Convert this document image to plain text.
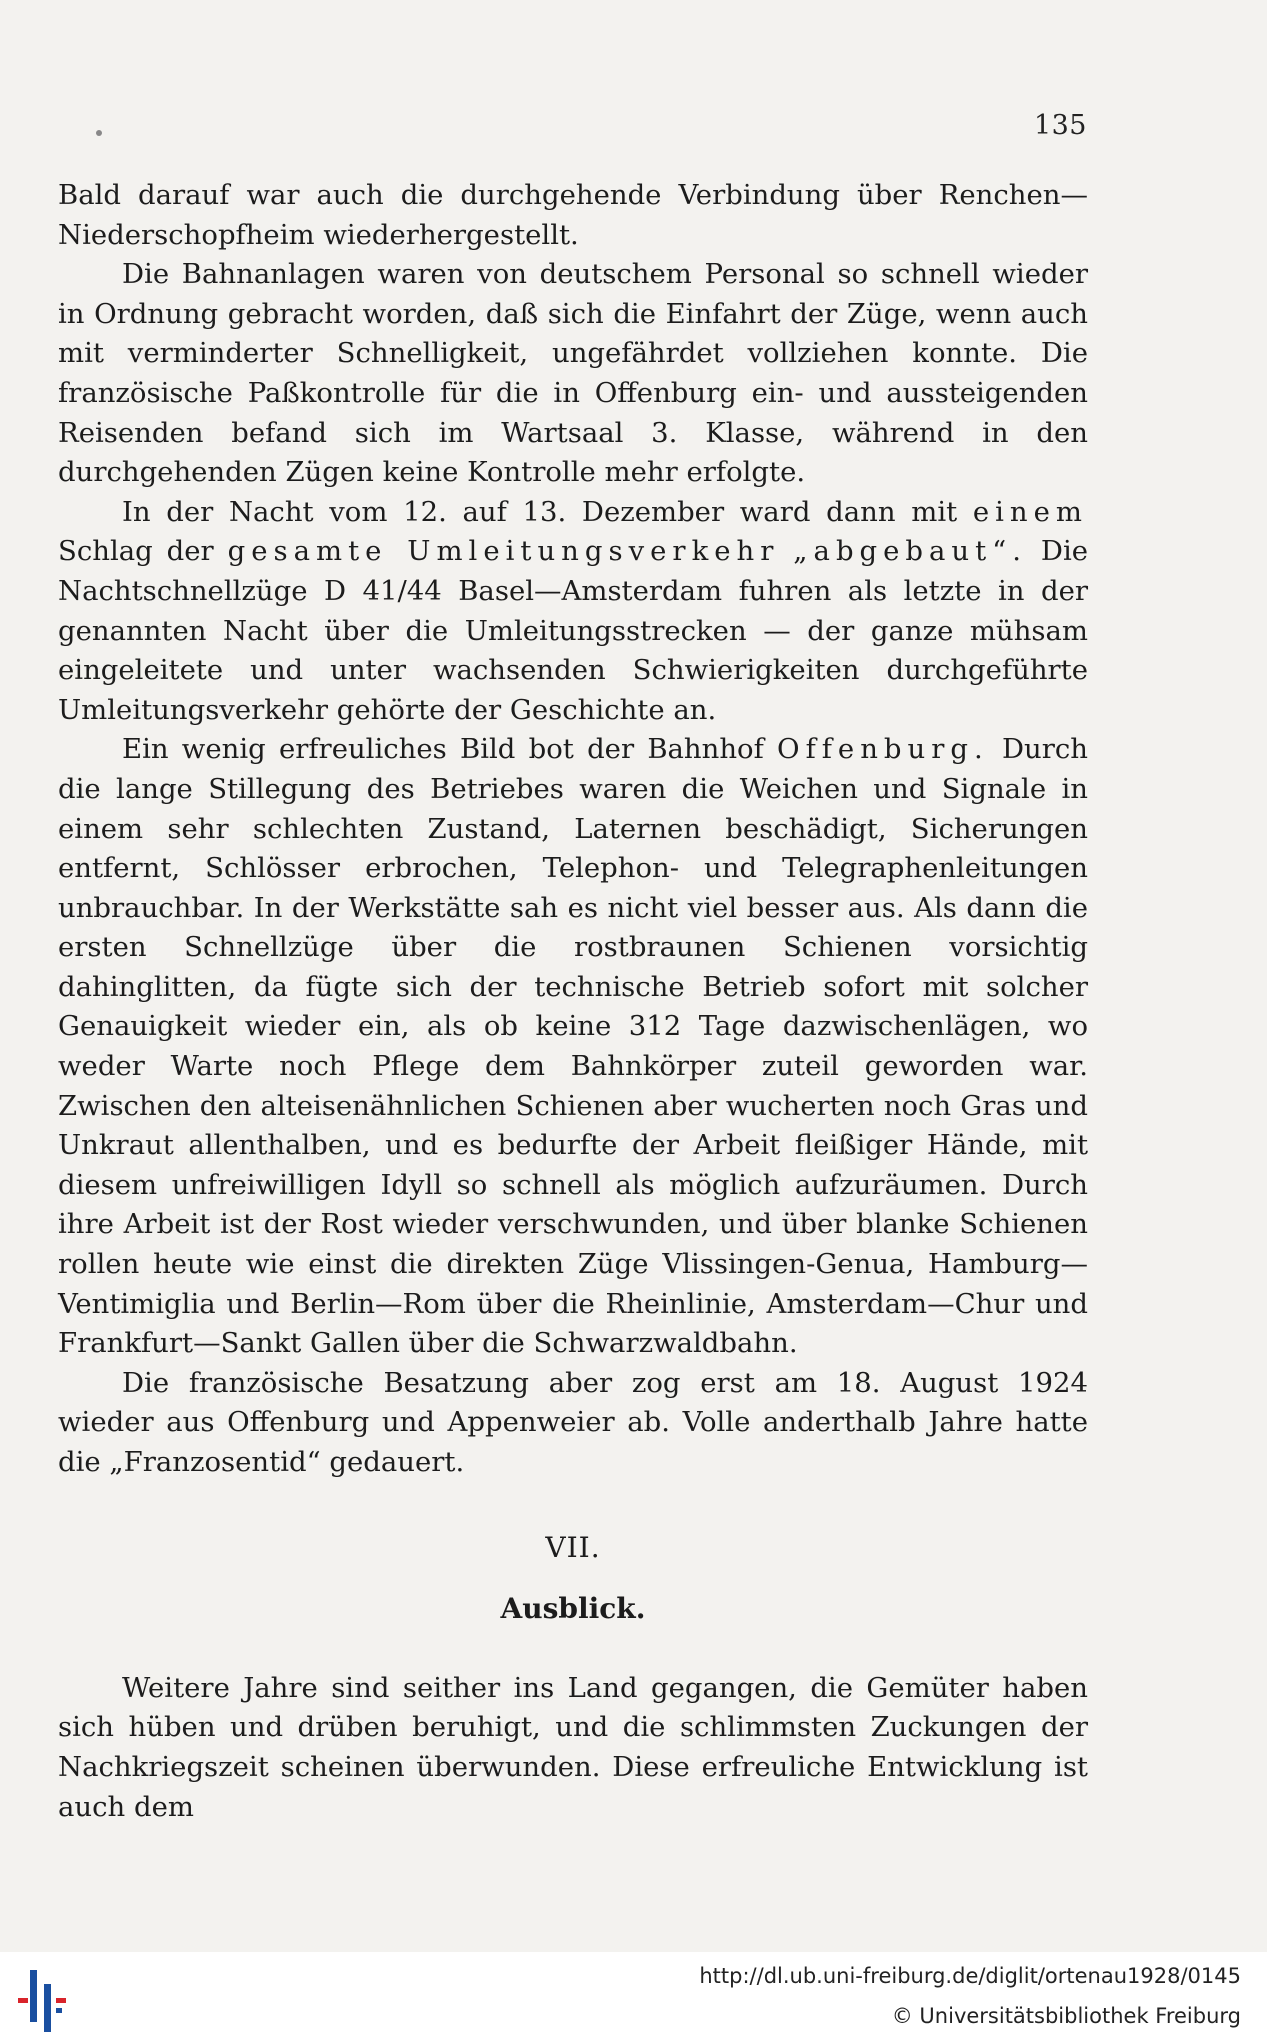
135

Bald darauf war auch die durchgehende Verbindung über Renchen—Niederschopfheim wiederhergestellt.

Die Bahnanlagen waren von deutschem Personal so schnell wieder in Ordnung gebracht worden, daß sich die Einfahrt der Züge, wenn auch mit verminderter Schnelligkeit, ungefährdet vollziehen konnte. Die französische Paßkontrolle für die in Offenburg ein- und aussteigenden Reisenden befand sich im Wartsaal 3. Klasse, während in den durchgehenden Zügen keine Kontrolle mehr erfolgte.

In der Nacht vom 12. auf 13. Dezember ward dann mit einem Schlag der gesamte Umleitungsverkehr „abgebaut“. Die Nachtschnellzüge D 41/44 Basel—Amsterdam fuhren als letzte in der genannten Nacht über die Umleitungsstrecken — der ganze mühsam eingeleitete und unter wachsenden Schwierigkeiten durchgeführte Umleitungsverkehr gehörte der Geschichte an.

Ein wenig erfreuliches Bild bot der Bahnhof Offenburg. Durch die lange Stillegung des Betriebes waren die Weichen und Signale in einem sehr schlechten Zustand, Laternen beschädigt, Sicherungen entfernt, Schlösser erbrochen, Telephon- und Telegraphenleitungen unbrauchbar. In der Werkstätte sah es nicht viel besser aus. Als dann die ersten Schnellzüge über die rostbraunen Schienen vorsichtig dahinglitten, da fügte sich der technische Betrieb sofort mit solcher Genauigkeit wieder ein, als ob keine 312 Tage dazwischenlägen, wo weder Warte noch Pflege dem Bahnkörper zuteil geworden war. Zwischen den alteisenähnlichen Schienen aber wucherten noch Gras und Unkraut allenthalben, und es bedurfte der Arbeit fleißiger Hände, mit diesem unfreiwilligen Idyll so schnell als möglich aufzuräumen. Durch ihre Arbeit ist der Rost wieder verschwunden, und über blanke Schienen rollen heute wie einst die direkten Züge Vlissingen-Genua, Hamburg—Ventimiglia und Berlin—Rom über die Rheinlinie, Amsterdam—Chur und Frankfurt—Sankt Gallen über die Schwarzwaldbahn.

Die französische Besatzung aber zog erst am 18. August 1924 wieder aus Offenburg und Appenweier ab. Volle anderthalb Jahre hatte die „Franzosentid“ gedauert.

VII.
Ausblick.

Weitere Jahre sind seither ins Land gegangen, die Gemüter haben sich hüben und drüben beruhigt, und die schlimmsten Zuckungen der Nachkriegszeit scheinen überwunden. Diese erfreuliche Entwicklung ist auch dem

http://dl.ub.uni-freiburg.de/diglit/ortenau1928/0145
© Universitätsbibliothek Freiburg
